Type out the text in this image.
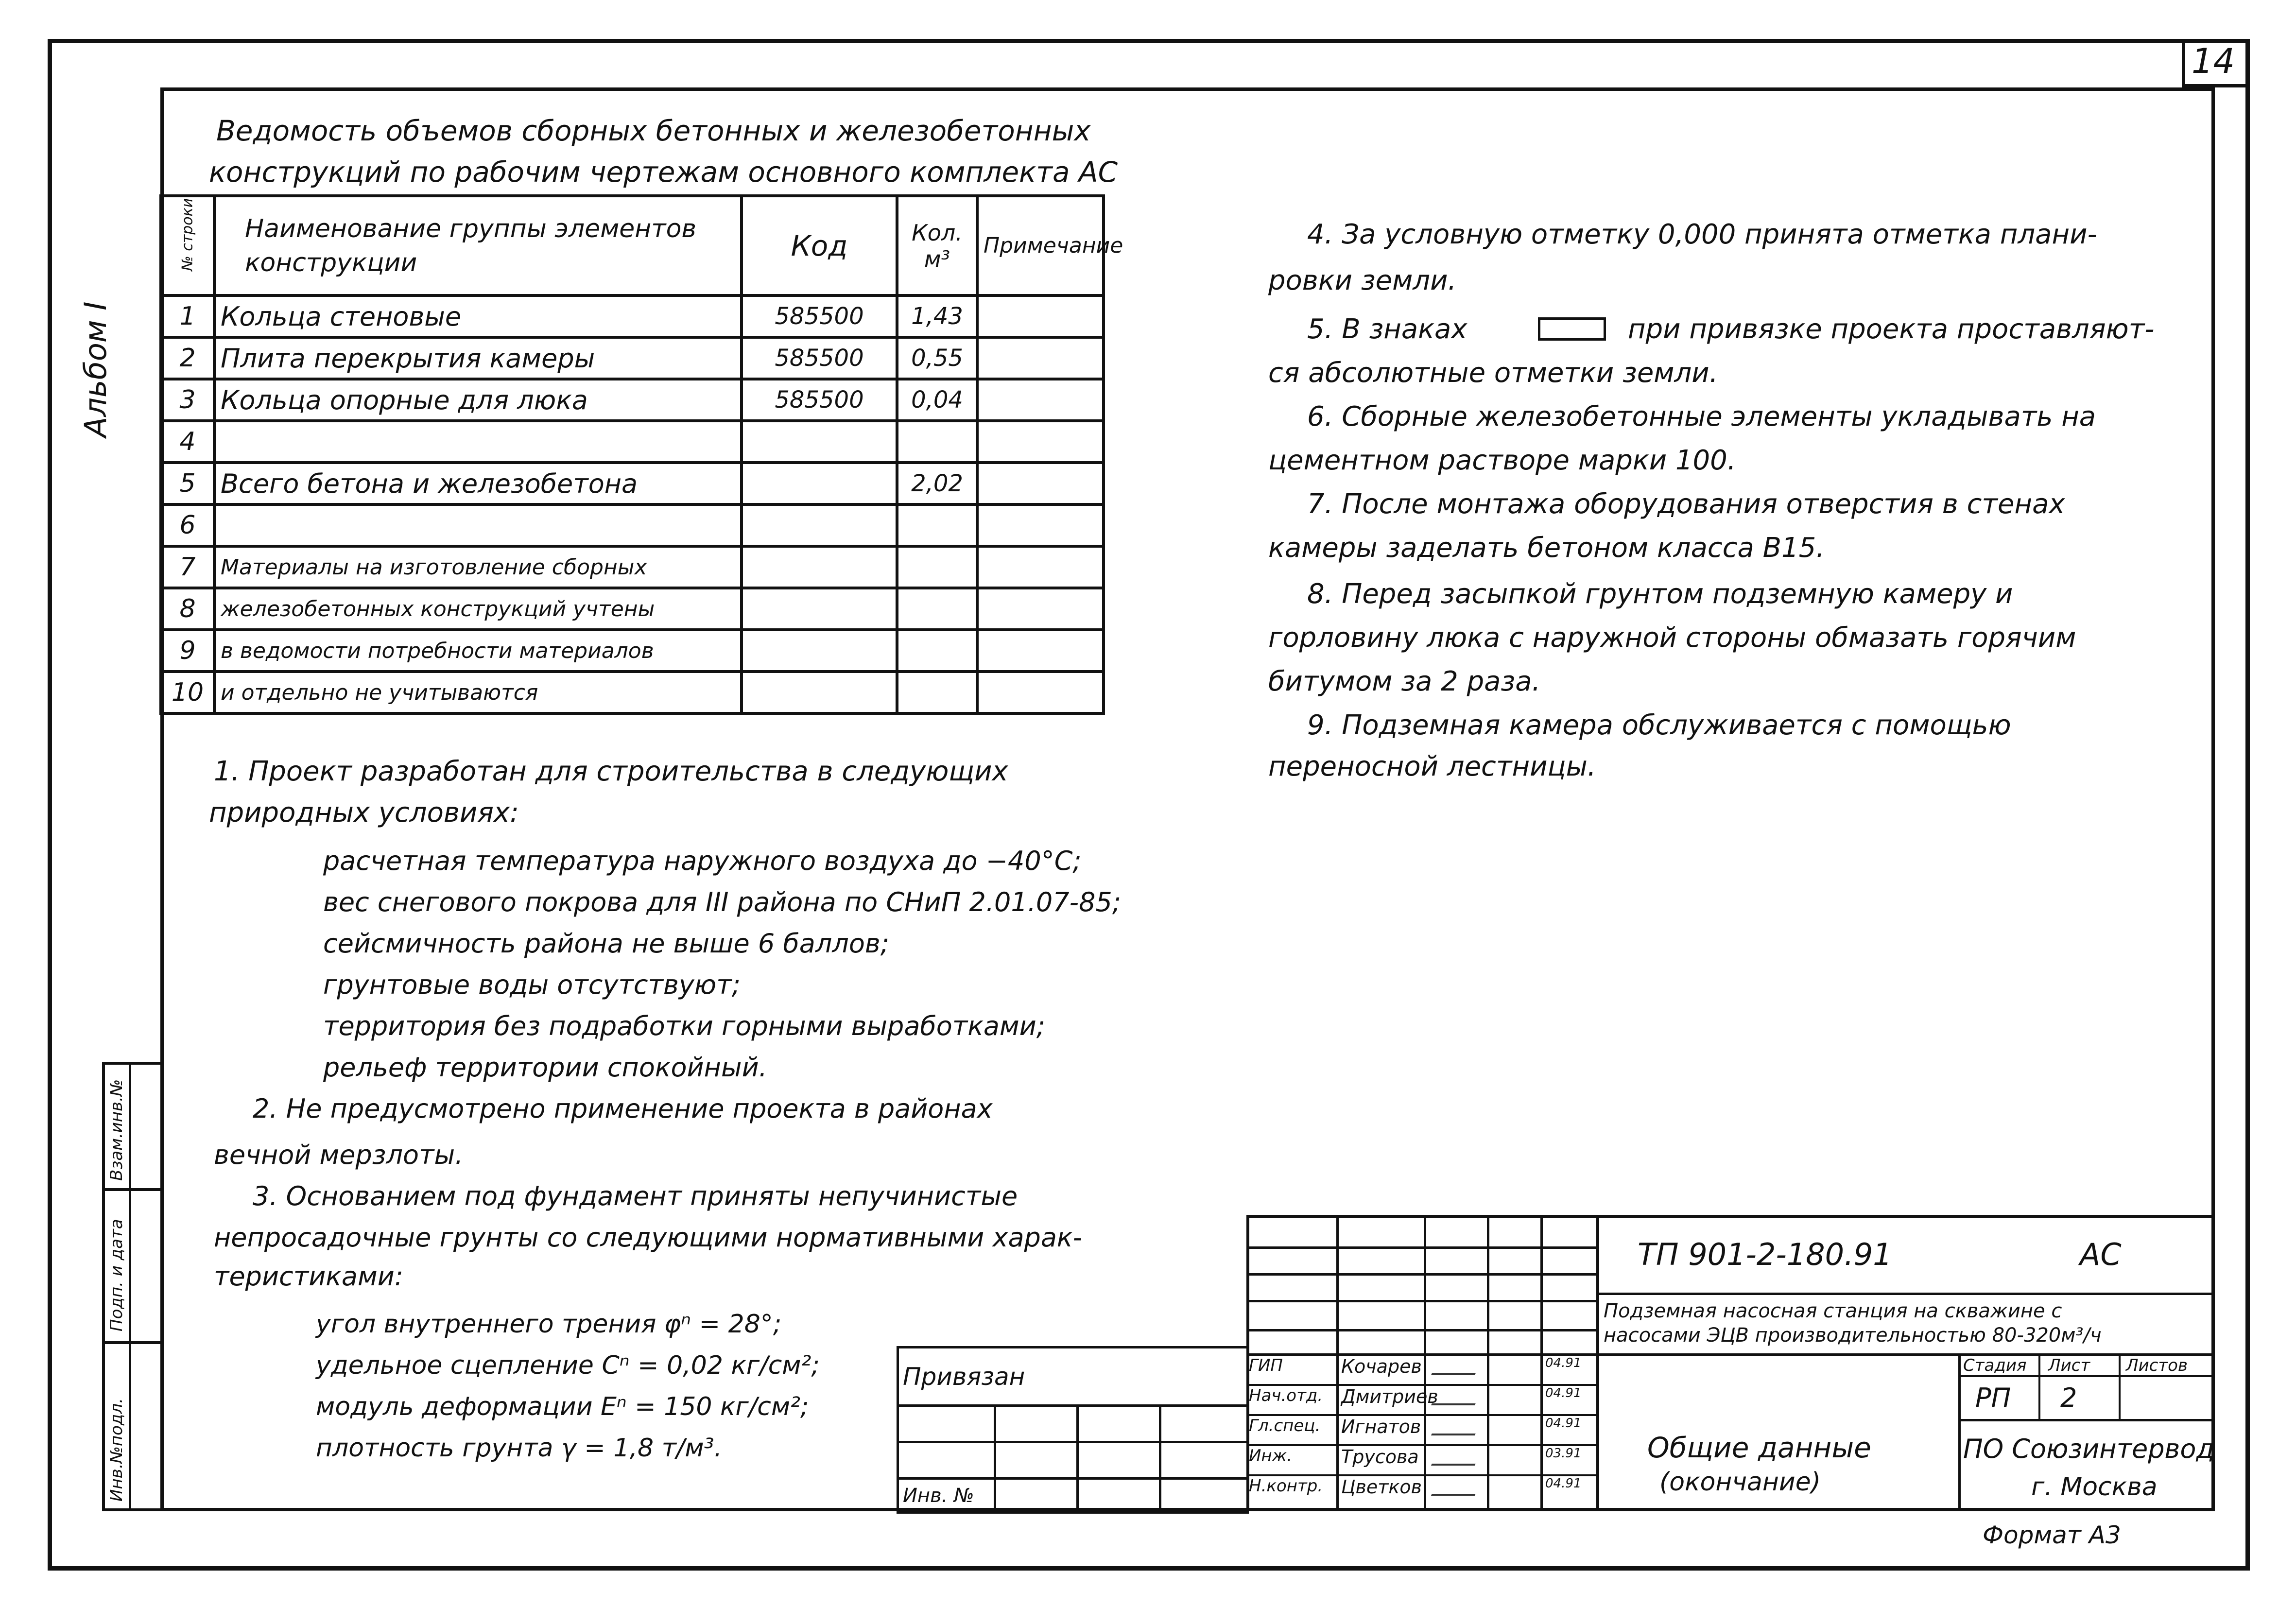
14
Альбом I
Взам.инв.№
Подп. и дата
Инв.№подл.
Ведомость объемов сборных бетонных и железобетонных
конструкций по рабочим чертежам основного комплекта АС
№ строки	Наименование группы элементов конструкции	Код	Кол. м³	Примечание
1	Кольца стеновые	585500	1,43	
2	Плита перекрытия камеры	585500	0,55	
3	Кольца опорные для люка	585500	0,04	
4				
5	Всего бетона и железобетона		2,02	
6				
7	Материалы на изготовление сборных			
8	железобетонных конструкций учтены			
9	в ведомости потребности материалов			
10	и отдельно не учитываются			
1. Проект разработан для строительства в следующих
природных условиях:
расчетная температура наружного воздуха до −40°С;
вес снегового покрова для III района по СНиП 2.01.07-85;
сейсмичность района не выше 6 баллов;
грунтовые воды отсутствуют;
территория без подработки горными выработками;
рельеф территории спокойный.
2. Не предусмотрено применение проекта в районах
вечной мерзлоты.
3. Основанием под фундамент приняты непучинистые
непросадочные грунты со следующими нормативными харак-
теристиками:
угол внутреннего трения φⁿ = 28°;
удельное сцепление Сⁿ = 0,02 кг/см²;
модуль деформации Еⁿ = 150 кг/см²;
плотность грунта γ = 1,8 т/м³.
4. За условную отметку 0,000 принята отметка плани-
ровки земли.
5. В знаках	при привязке проекта проставляют-
ся абсолютные отметки земли.
6. Сборные железобетонные элементы укладывать на
цементном растворе марки 100.
7. После монтажа оборудования отверстия в стенах
камеры заделать бетоном класса В15.
8. Перед засыпкой грунтом подземную камеру и
горловину люка с наружной стороны обмазать горячим
битумом за 2 раза.
9. Подземная камера обслуживается с помощью
переносной лестницы.
Привязан			

Инв. №			
ГИП	Кочарев	04.91
Нач.отд. Дмитриев	04.91
Гл.спец. Игнатов	04.91
Инж.	Трусова	03.91
Н.контр. Цветков	04.91
ТП 901-2-180.91	АС
Подземная насосная станция на скважине с
насосами ЭЦВ производительностью 80-320м³/ч
Общие данные
(окончание)
Стадия Лист Листов
РП 2
ПО Союзинтервод
г. Москва
Формат А3
